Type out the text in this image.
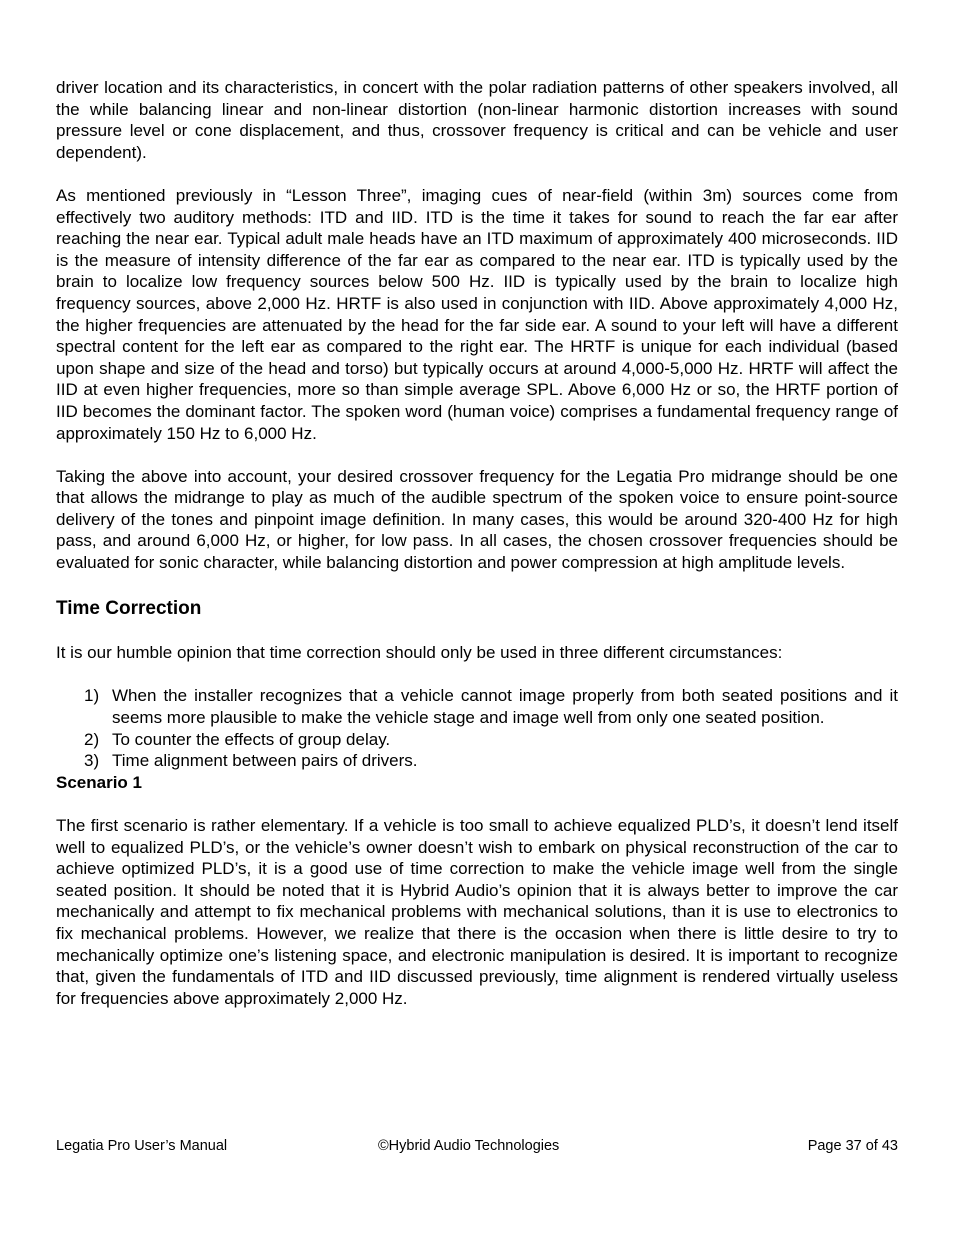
driver location and its characteristics, in concert with the polar radiation patterns of other speakers involved, all the while balancing linear and non-linear distortion (non-linear harmonic distortion increases with sound pressure level or cone displacement, and thus, crossover frequency is critical and can be vehicle and user dependent).

As mentioned previously in “Lesson Three”, imaging cues of near-field (within 3m) sources come from effectively two auditory methods: ITD and IID. ITD is the time it takes for sound to reach the far ear after reaching the near ear. Typical adult male heads have an ITD maximum of approximately 400 microseconds. IID is the measure of intensity difference of the far ear as compared to the near ear. ITD is typically used by the brain to localize low frequency sources below 500 Hz. IID is typically used by the brain to localize high frequency sources, above 2,000 Hz. HRTF is also used in conjunction with IID. Above approximately 4,000 Hz, the higher frequencies are attenuated by the head for the far side ear. A sound to your left will have a different spectral content for the left ear as compared to the right ear. The HRTF is unique for each individual (based upon shape and size of the head and torso) but typically occurs at around 4,000-5,000 Hz. HRTF will affect the IID at even higher frequencies, more so than simple average SPL. Above 6,000 Hz or so, the HRTF portion of IID becomes the dominant factor. The spoken word (human voice) comprises a fundamental frequency range of approximately 150 Hz to 6,000 Hz.

Taking the above into account, your desired crossover frequency for the Legatia Pro midrange should be one that allows the midrange to play as much of the audible spectrum of the spoken voice to ensure point-source delivery of the tones and pinpoint image definition. In many cases, this would be around 320-400 Hz for high pass, and around 6,000 Hz, or higher, for low pass. In all cases, the chosen crossover frequencies should be evaluated for sonic character, while balancing distortion and power compression at high amplitude levels.

Time Correction

It is our humble opinion that time correction should only be used in three different circumstances:

1) When the installer recognizes that a vehicle cannot image properly from both seated positions and it seems more plausible to make the vehicle stage and image well from only one seated position.
2) To counter the effects of group delay.
3) Time alignment between pairs of drivers.
Scenario 1

The first scenario is rather elementary. If a vehicle is too small to achieve equalized PLD’s, it doesn’t lend itself well to equalized PLD’s, or the vehicle’s owner doesn’t wish to embark on physical reconstruction of the car to achieve optimized PLD’s, it is a good use of time correction to make the vehicle image well from the single seated position. It should be noted that it is Hybrid Audio’s opinion that it is always better to improve the car mechanically and attempt to fix mechanical problems with mechanical solutions, than it is use to electronics to fix mechanical problems. However, we realize that there is the occasion when there is little desire to try to mechanically optimize one’s listening space, and electronic manipulation is desired. It is important to recognize that, given the fundamentals of ITD and IID discussed previously, time alignment is rendered virtually useless for frequencies above approximately 2,000 Hz.

Legatia Pro User’s Manual	©Hybrid Audio Technologies	Page 37 of 43
